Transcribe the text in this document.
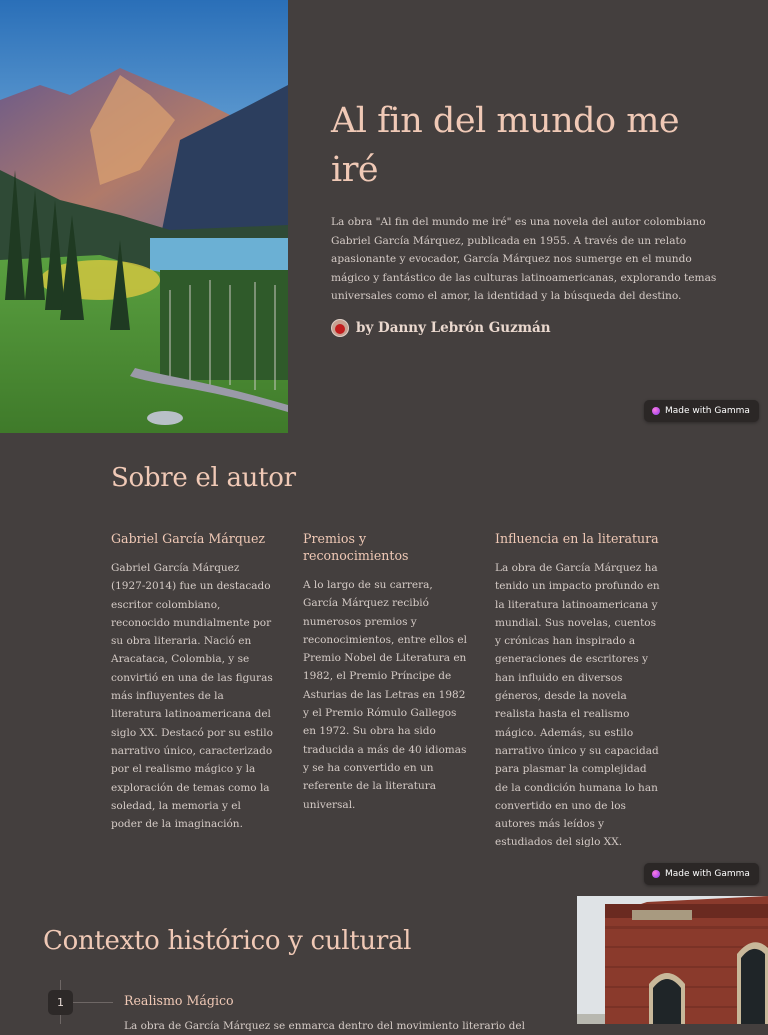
Al fin del mundo me iré

La obra "Al fin del mundo me iré" es una novela del autor colombiano Gabriel García Márquez, publicada en 1955. A través de un relato apasionante y evocador, García Márquez nos sumerge en el mundo mágico y fantástico de las culturas latinoamericanas, explorando temas universales como el amor, la identidad y la búsqueda del destino.

by Danny Lebrón Guzmán
Made with Gamma
Sobre el autor
Gabriel García Márquez

Gabriel García Márquez (1927-2014) fue un destacado escritor colombiano, reconocido mundialmente por su obra literaria. Nació en Aracataca, Colombia, y se convirtió en una de las figuras más influyentes de la literatura latinoamericana del siglo XX. Destacó por su estilo narrativo único, caracterizado por el realismo mágico y la exploración de temas como la soledad, la memoria y el poder de la imaginación.

Premios y reconocimientos

A lo largo de su carrera, García Márquez recibió numerosos premios y reconocimientos, entre ellos el Premio Nobel de Literatura en 1982, el Premio Príncipe de Asturias de las Letras en 1982 y el Premio Rómulo Gallegos en 1972. Su obra ha sido traducida a más de 40 idiomas y se ha convertido en un referente de la literatura universal.

Influencia en la literatura

La obra de García Márquez ha tenido un impacto profundo en la literatura latinoamericana y mundial. Sus novelas, cuentos y crónicas han inspirado a generaciones de escritores y han influido en diversos géneros, desde la novela realista hasta el realismo mágico. Además, su estilo narrativo único y su capacidad para plasmar la complejidad de la condición humana lo han convertido en uno de los autores más leídos y estudiados del siglo XX.

Made with Gamma
Contexto histórico y cultural
1	Realismo Mágico
La obra de García Márquez se enmarca dentro del movimiento literario del
